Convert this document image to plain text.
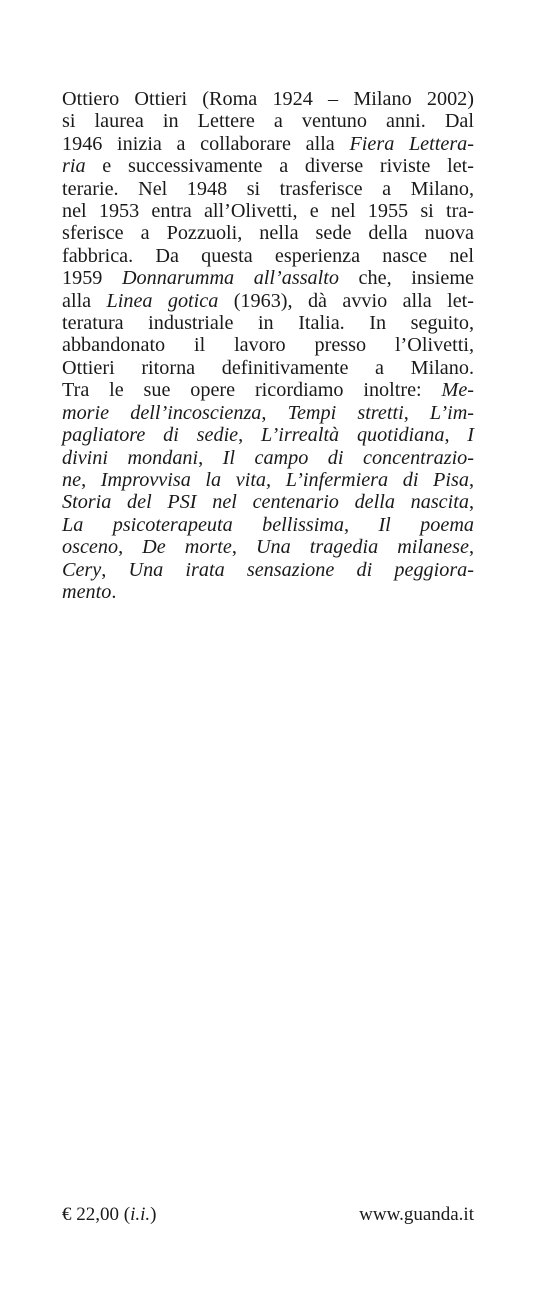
Ottiero Ottieri (Roma 1924 – Milano 2002)
si laurea in Lettere a ventuno anni. Dal
1946 inizia a collaborare alla Fiera Lettera-
ria e successivamente a diverse riviste let-
terarie. Nel 1948 si trasferisce a Milano,
nel 1953 entra all’Olivetti, e nel 1955 si tra-
sferisce a Pozzuoli, nella sede della nuova
fabbrica. Da questa esperienza nasce nel
1959 Donnarumma all’assalto che, insieme
alla Linea gotica (1963), dà avvio alla let-
teratura industriale in Italia. In seguito,
abbandonato il lavoro presso l’Olivetti,
Ottieri ritorna definitivamente a Milano.
Tra le sue opere ricordiamo inoltre: Me-
morie dell’incoscienza, Tempi stretti, L’im-
pagliatore di sedie, L’irrealtà quotidiana, I
divini mondani, Il campo di concentrazio-
ne, Improvvisa la vita, L’infermiera di Pisa,
Storia del PSI nel centenario della nascita,
La psicoterapeuta bellissima, Il poema
osceno, De morte, Una tragedia milanese,
Cery, Una irata sensazione di peggiora-
mento.
€ 22,00 (i.i.)	www.guanda.it
